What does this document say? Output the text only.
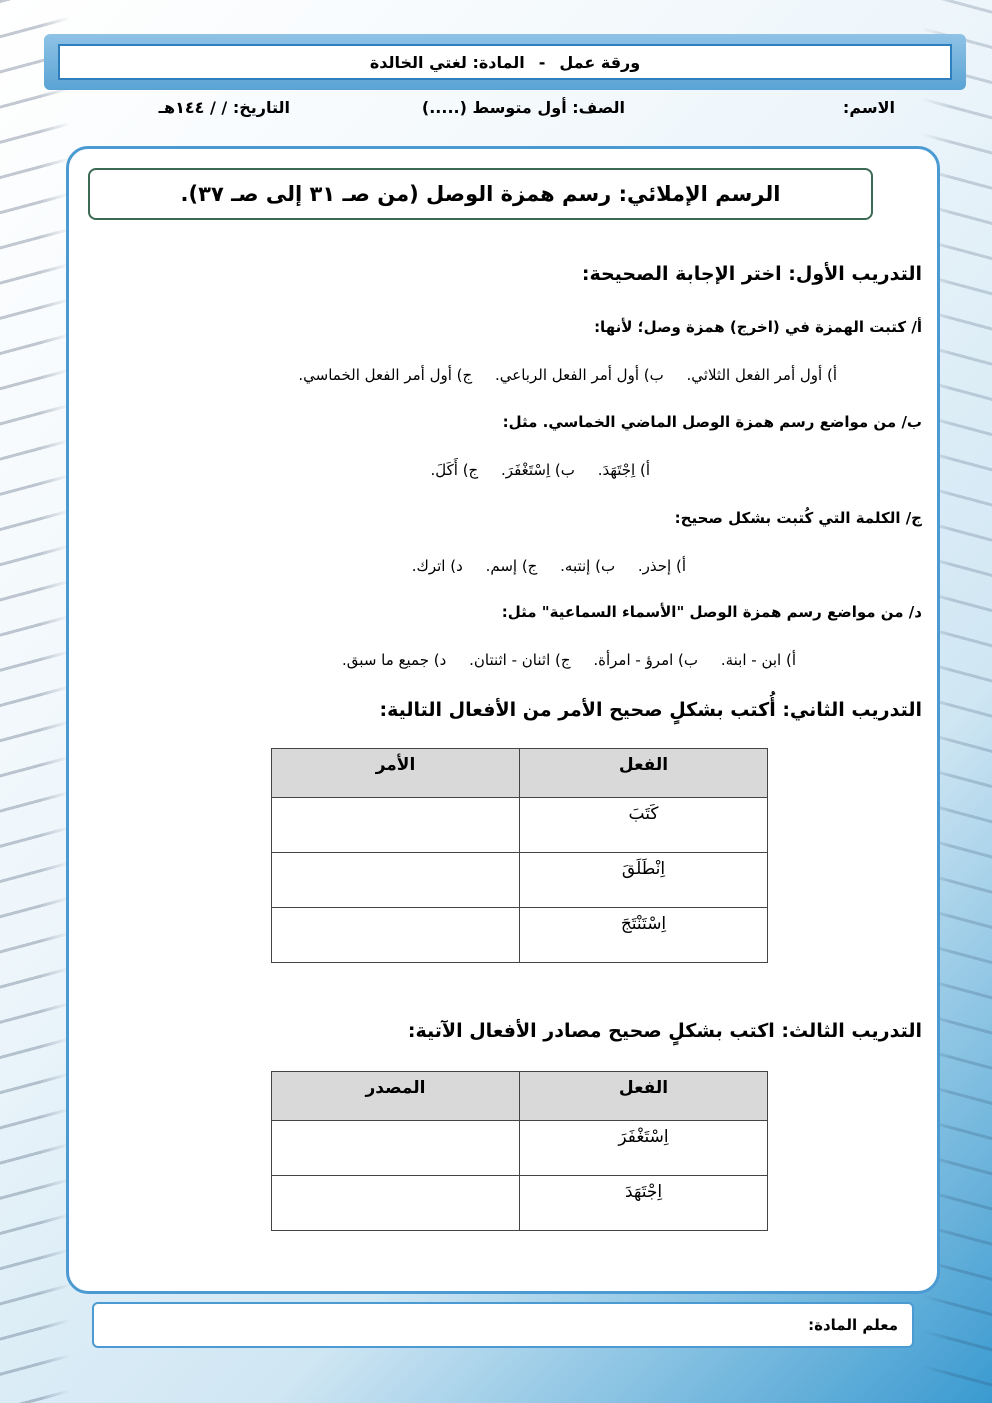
ورقة عمل
-
المادة: لغتي الخالدة
الاسم:
الصف: أول متوسط (.....)
التاريخ: / / ١٤٤هـ
الرسم الإملائي: رسم همزة الوصل (من صـ ٣١ إلى صـ ٣٧).
التدريب الأول: اختر الإجابة الصحيحة:
أ/ كتبت الهمزة في (اخرج) همزة وصل؛ لأنها:
أ) أول أمر الفعل الثلاثي. ب) أول أمر الفعل الرباعي. ج) أول أمر الفعل الخماسي.
ب/ من مواضع رسم همزة الوصل الماضي الخماسي. مثل:
أ) اِجْتَهَدَ. ب) اِسْتَغْفَرَ. ج) أَكَلَ.
ج/ الكلمة التي كُتبت بشكل صحيح:
أ) إحذر. ب) إنتبه. ج) إسم. د) اترك.
د/ من مواضع رسم همزة الوصل "الأسماء السماعية" مثل:
أ) ابن - ابنة. ب) امرؤ - امرأة. ج) اثنان - اثنتان. د) جميع ما سبق.
التدريب الثاني: أُكتب بشكلٍ صحيح الأمر من الأفعال التالية:
الفعل	الأمر
كَتَبَ	
اِنْطَلَقَ	
اِسْتَنْتَجَ	
التدريب الثالث: اكتب بشكلٍ صحيح مصادر الأفعال الآتية:
الفعل	المصدر
اِسْتَغْفَرَ	
اِجْتَهَدَ	
معلم المادة:
